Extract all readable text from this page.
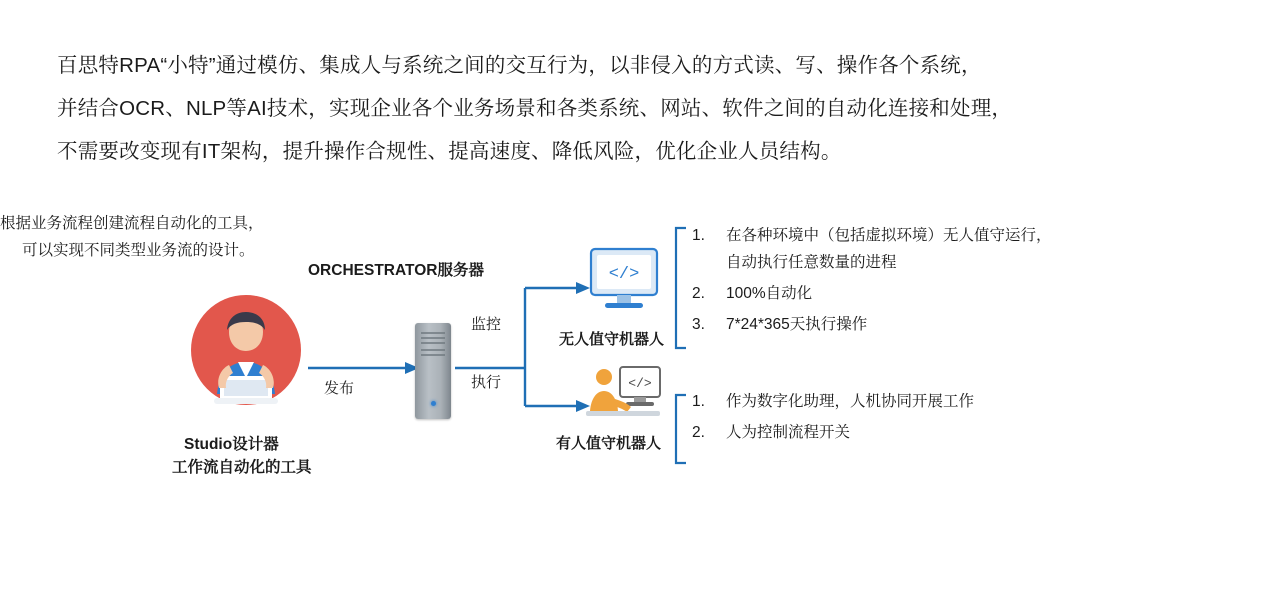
百思特RPA“小特”通过模仿、集成人与系统之间的交互行为，以非侵入的方式读、写、操作各个系统，

并结合OCR、NLP等AI技术，实现企业各个业务场景和各类系统、网站、软件之间的自动化连接和处理，

不需要改变现有IT架构，提升操作合规性、提高速度、降低风险，优化企业人员结构。

ORCHESTRATOR服务器
发布
监控
执行
</>
无人值守机器人
</>
有人值守机器人
Studio设计器
工作流自动化的工具
根据业务流程创建流程自动化的工具，
可以实现不同类型业务流的设计。
1.	在各种环境中（包括虚拟环境）无人值守运行，
自动执行任意数量的进程
2.	100%自动化
3.	7*24*365天执行操作
1.	作为数字化助理，人机协同开展工作
2.	人为控制流程开关
